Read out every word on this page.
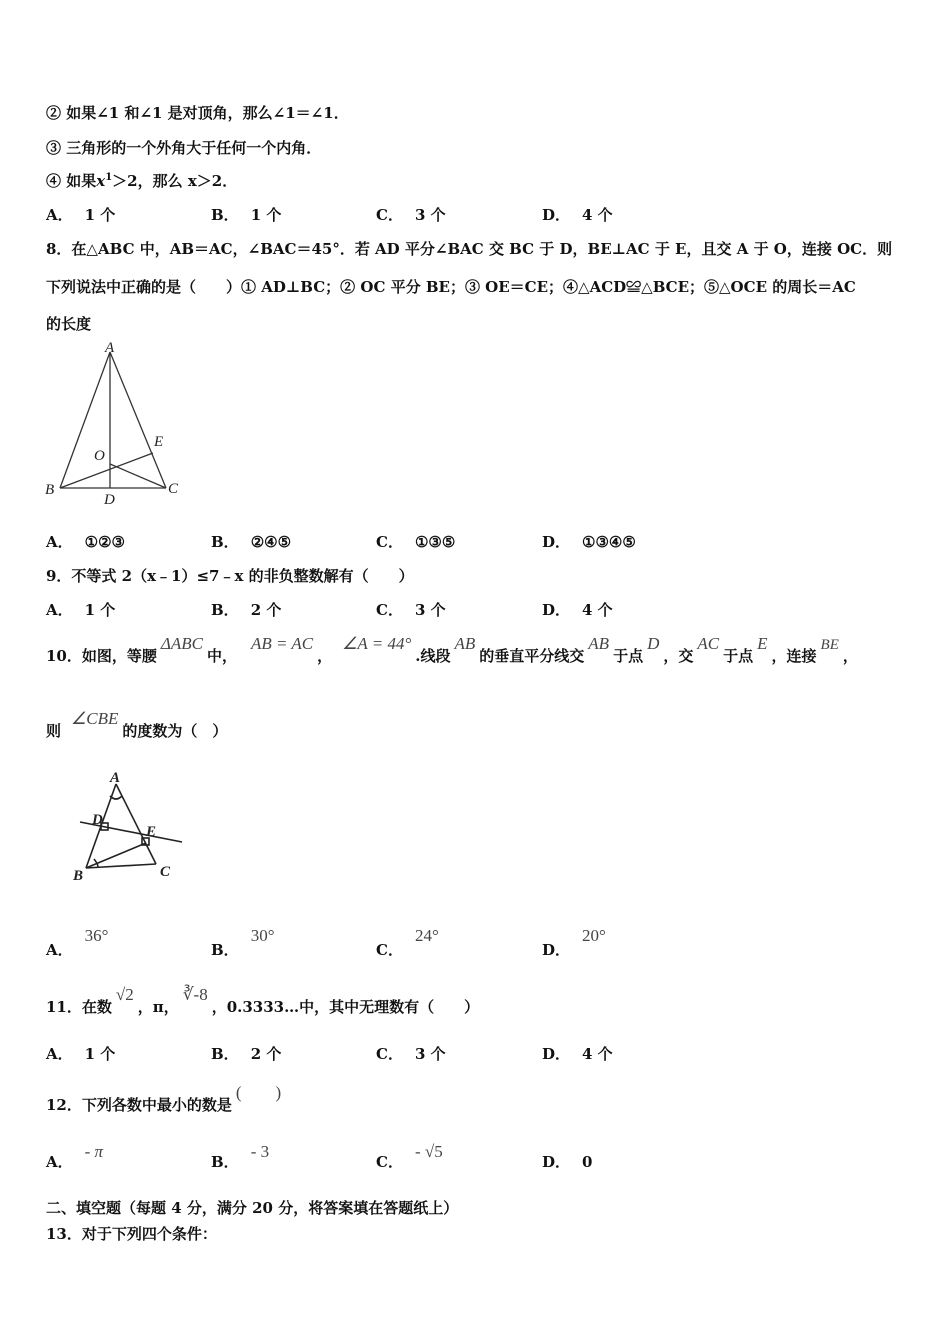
② 如果∠1 和∠1 是对顶角，那么∠1＝∠1．
③ 三角形的一个外角大于任何一个内角．
④ 如果$x^1>2$，那么 x＞2．
A． 1 个	B． 1 个	C． 3 个	D． 4 个
8．在△ABC 中，AB＝AC，∠BAC＝45°．若 AD 平分∠BAC 交 BC 于 D，BE⊥AC 于 E，且交 A 于 O，连接 OC．则
下列说法中正确的是（　　）① AD⊥BC；② OC 平分 BE；③ OE＝CE；④△ACD≌△BCE；⑤△OCE 的周长＝AC
的长度
A
B	C
D
E
O
A． ①②③	B． ②④⑤	C． ①③⑤	D． ①③④⑤
9．不等式 2（x﹣1）≤7﹣x 的非负整数解有（　　）
A． 1 个	B． 2 个	C． 3 个	D． 4 个
10．如图，等腰ΔABC中，AB = AC，∠A = 44°.线段AB的垂直平分线交AB于点D，交AC于点E，连接BE，
则∠CBE的度数为（　）
A
B	C
D
E
A．36°
B．30°
C．24°
D．20°
11．在数√2，π，∛-8，0.3333…中，其中无理数有（　　）
A． 1 个	B． 2 个	C． 3 个	D． 4 个
12．下列各数中最小的数是(　　)
A．- π
B．- 3
C．- √5
D． 0
二、填空题（每题 4 分，满分 20 分，将答案填在答题纸上）
13．对于下列四个条件：
